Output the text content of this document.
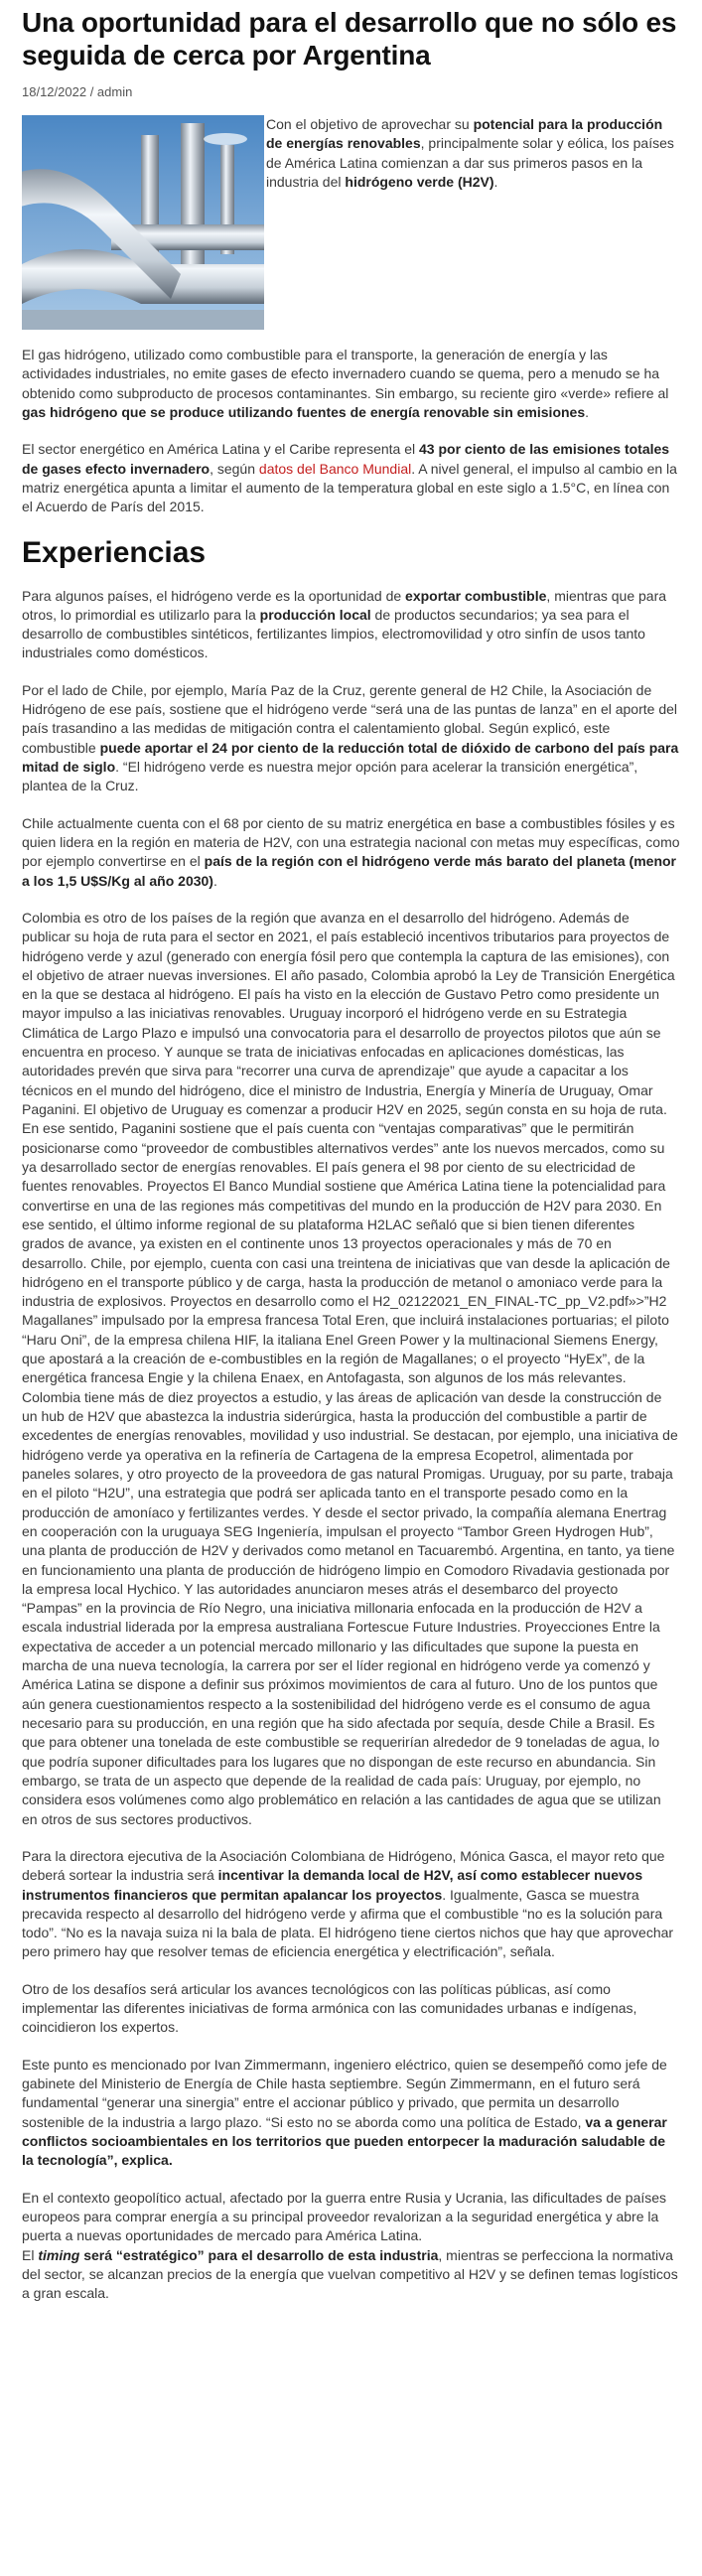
Una oportunidad para el desarrollo que no sólo es seguida de cerca por Argentina
18/12/2022 / admin

Con el objetivo de aprovechar su potencial para la producción de energías renovables, principalmente solar y eólica, los países de América Latina comienzan a dar sus primeros pasos en la industria del hidrógeno verde (H2V).

El gas hidrógeno, utilizado como combustible para el transporte, la generación de energía y las actividades industriales, no emite gases de efecto invernadero cuando se quema, pero a menudo se ha obtenido como subproducto de procesos contaminantes. Sin embargo, su reciente giro «verde» refiere al gas hidrógeno que se produce utilizando fuentes de energía renovable sin emisiones.

El sector energético en América Latina y el Caribe representa el 43 por ciento de las emisiones totales de gases efecto invernadero, según datos del Banco Mundial. A nivel general, el impulso al cambio en la matriz energética apunta a limitar el aumento de la temperatura global en este siglo a 1.5°C, en línea con el Acuerdo de París del 2015.

Experiencias

Para algunos países, el hidrógeno verde es la oportunidad de exportar combustible, mientras que para otros, lo primordial es utilizarlo para la producción local de productos secundarios; ya sea para el desarrollo de combustibles sintéticos, fertilizantes limpios, electromovilidad y otro sinfín de usos tanto industriales como domésticos.

Por el lado de Chile, por ejemplo, María Paz de la Cruz, gerente general de H2 Chile, la Asociación de Hidrógeno de ese país, sostiene que el hidrógeno verde “será una de las puntas de lanza” en el aporte del país trasandino a las medidas de mitigación contra el calentamiento global. Según explicó, este combustible puede aportar el 24 por ciento de la reducción total de dióxido de carbono del país para mitad de siglo. “El hidrógeno verde es nuestra mejor opción para acelerar la transición energética”, plantea de la Cruz.

Chile actualmente cuenta con el 68 por ciento de su matriz energética en base a combustibles fósiles y es quien lidera en la región en materia de H2V, con una estrategia nacional con metas muy específicas, como por ejemplo convertirse en el país de la región con el hidrógeno verde más barato del planeta (menor a los 1,5 U$S/Kg al año 2030).

Colombia es otro de los países de la región que avanza en el desarrollo del hidrógeno. Además de publicar su hoja de ruta para el sector en 2021, el país estableció incentivos tributarios para proyectos de hidrógeno verde y azul (generado con energía fósil pero que contempla la captura de las emisiones), con el objetivo de atraer nuevas inversiones. El año pasado, Colombia aprobó la Ley de Transición Energética en la que se destaca al hidrógeno. El país ha visto en la elección de Gustavo Petro como presidente un mayor impulso a las iniciativas renovables. Uruguay incorporó el hidrógeno verde en su Estrategia Climática de Largo Plazo e impulsó una convocatoria para el desarrollo de proyectos pilotos que aún se encuentra en proceso. Y aunque se trata de iniciativas enfocadas en aplicaciones domésticas, las autoridades prevén que sirva para “recorrer una curva de aprendizaje” que ayude a capacitar a los técnicos en el mundo del hidrógeno, dice el ministro de Industria, Energía y Minería de Uruguay, Omar Paganini. El objetivo de Uruguay es comenzar a producir H2V en 2025, según consta en su hoja de ruta. En ese sentido, Paganini sostiene que el país cuenta con “ventajas comparativas” que le permitirán posicionarse como “proveedor de combustibles alternativos verdes” ante los nuevos mercados, como su ya desarrollado sector de energías renovables. El país genera el 98 por ciento de su electricidad de fuentes renovables. Proyectos El Banco Mundial sostiene que América Latina tiene la potencialidad para convertirse en una de las regiones más competitivas del mundo en la producción de H2V para 2030. En ese sentido, el último informe regional de su plataforma H2LAC señaló que si bien tienen diferentes grados de avance, ya existen en el continente unos 13 proyectos operacionales y más de 70 en desarrollo. Chile, por ejemplo, cuenta con casi una treintena de iniciativas que van desde la aplicación de hidrógeno en el transporte público y de carga, hasta la producción de metanol o amoniaco verde para la industria de explosivos. Proyectos en desarrollo como el H2_02122021_EN_FINAL-TC_pp_V2.pdf»>”H2 Magallanes” impulsado por la empresa francesa Total Eren, que incluirá instalaciones portuarias; el piloto “Haru Oni”, de la empresa chilena HIF, la italiana Enel Green Power y la multinacional Siemens Energy, que apostará a la creación de e-combustibles en la región de Magallanes; o el proyecto “HyEx”, de la energética francesa Engie y la chilena Enaex, en Antofagasta, son algunos de los más relevantes. Colombia tiene más de diez proyectos a estudio, y las áreas de aplicación van desde la construcción de un hub de H2V que abastezca la industria siderúrgica, hasta la producción del combustible a partir de excedentes de energías renovables, movilidad y uso industrial. Se destacan, por ejemplo, una iniciativa de hidrógeno verde ya operativa en la refinería de Cartagena de la empresa Ecopetrol, alimentada por paneles solares, y otro proyecto de la proveedora de gas natural Promigas. Uruguay, por su parte, trabaja en el piloto “H2U”, una estrategia que podrá ser aplicada tanto en el transporte pesado como en la producción de amoníaco y fertilizantes verdes. Y desde el sector privado, la compañía alemana Enertrag en cooperación con la uruguaya SEG Ingeniería, impulsan el proyecto “Tambor Green Hydrogen Hub”, una planta de producción de H2V y derivados como metanol en Tacuarembó. Argentina, en tanto, ya tiene en funcionamiento una planta de producción de hidrógeno limpio en Comodoro Rivadavia gestionada por la empresa local Hychico. Y las autoridades anunciaron meses atrás el desembarco del proyecto “Pampas” en la provincia de Río Negro, una iniciativa millonaria enfocada en la producción de H2V a escala industrial liderada por la empresa australiana Fortescue Future Industries. Proyecciones Entre la expectativa de acceder a un potencial mercado millonario y las dificultades que supone la puesta en marcha de una nueva tecnología, la carrera por ser el líder regional en hidrógeno verde ya comenzó y América Latina se dispone a definir sus próximos movimientos de cara al futuro. Uno de los puntos que aún genera cuestionamientos respecto a la sostenibilidad del hidrógeno verde es el consumo de agua necesario para su producción, en una región que ha sido afectada por sequía, desde Chile a Brasil. Es que para obtener una tonelada de este combustible se requerirían alrededor de 9 toneladas de agua, lo que podría suponer dificultades para los lugares que no dispongan de este recurso en abundancia. Sin embargo, se trata de un aspecto que depende de la realidad de cada país: Uruguay, por ejemplo, no considera esos volúmenes como algo problemático en relación a las cantidades de agua que se utilizan en otros de sus sectores productivos.

Para la directora ejecutiva de la Asociación Colombiana de Hidrógeno, Mónica Gasca, el mayor reto que deberá sortear la industria será incentivar la demanda local de H2V, así como establecer nuevos instrumentos financieros que permitan apalancar los proyectos. Igualmente, Gasca se muestra precavida respecto al desarrollo del hidrógeno verde y afirma que el combustible “no es la solución para todo”. “No es la navaja suiza ni la bala de plata. El hidrógeno tiene ciertos nichos que hay que aprovechar pero primero hay que resolver temas de eficiencia energética y electrificación”, señala.

Otro de los desafíos será articular los avances tecnológicos con las políticas públicas, así como implementar las diferentes iniciativas de forma armónica con las comunidades urbanas e indígenas, coincidieron los expertos.

Este punto es mencionado por Ivan Zimmermann, ingeniero eléctrico, quien se desempeñó como jefe de gabinete del Ministerio de Energía de Chile hasta septiembre. Según Zimmermann, en el futuro será fundamental “generar una sinergia” entre el accionar público y privado, que permita un desarrollo sostenible de la industria a largo plazo. “Si esto no se aborda como una política de Estado, va a generar conflictos socioambientales en los territorios que pueden entorpecer la maduración saludable de la tecnología”, explica.

En el contexto geopolítico actual, afectado por la guerra entre Rusia y Ucrania, las dificultades de países europeos para comprar energía a su principal proveedor revalorizan a la seguridad energética y abre la puerta a nuevas oportunidades de mercado para América Latina.
El timing será “estratégico” para el desarrollo de esta industria, mientras se perfecciona la normativa del sector, se alcanzan precios de la energía que vuelvan competitivo al H2V y se definen temas logísticos a gran escala.
